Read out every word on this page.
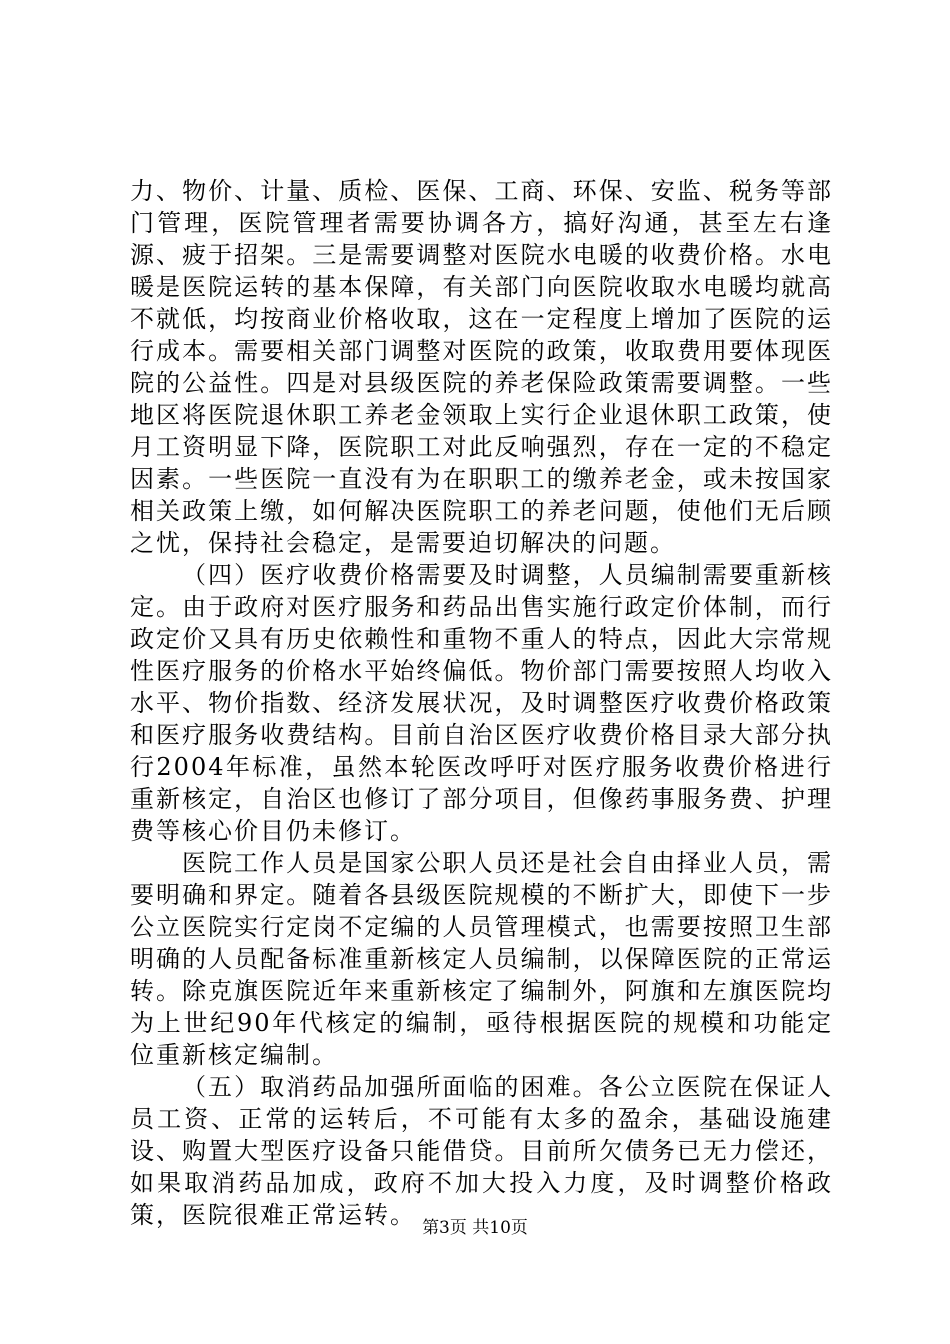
力、物价、计量、质检、医保、工商、环保、安监、税务等部门管理，医院管理者需要协调各方，搞好沟通，甚至左右逢源、疲于招架。三是需要调整对医院水电暖的收费价格。水电暖是医院运转的基本保障，有关部门向医院收取水电暖均就高不就低，均按商业价格收取，这在一定程度上增加了医院的运行成本。需要相关部门调整对医院的政策，收取费用要体现医院的公益性。四是对县级医院的养老保险政策需要调整。一些地区将医院退休职工养老金领取上实行企业退休职工政策，使月工资明显下降，医院职工对此反响强烈，存在一定的不稳定因素。一些医院一直没有为在职职工的缴养老金，或未按国家相关政策上缴，如何解决医院职工的养老问题，使他们无后顾之忧，保持社会稳定，是需要迫切解决的问题。

（四）医疗收费价格需要及时调整，人员编制需要重新核定。由于政府对医疗服务和药品出售实施行政定价体制，而行政定价又具有历史依赖性和重物不重人的特点，因此大宗常规性医疗服务的价格水平始终偏低。物价部门需要按照人均收入水平、物价指数、经济发展状况，及时调整医疗收费价格政策和医疗服务收费结构。目前自治区医疗收费价格目录大部分执行2004年标准，虽然本轮医改呼吁对医疗服务收费价格进行重新核定，自治区也修订了部分项目，但像药事服务费、护理费等核心价目仍未修订。

医院工作人员是国家公职人员还是社会自由择业人员，需要明确和界定。随着各县级医院规模的不断扩大，即使下一步公立医院实行定岗不定编的人员管理模式，也需要按照卫生部明确的人员配备标准重新核定人员编制，以保障医院的正常运转。除克旗医院近年来重新核定了编制外，阿旗和左旗医院均为上世纪90年代核定的编制，亟待根据医院的规模和功能定位重新核定编制。

（五）取消药品加强所面临的困难。各公立医院在保证人员工资、正常的运转后，不可能有太多的盈余，基础设施建设、购置大型医疗设备只能借贷。目前所欠债务已无力偿还，如果取消药品加成，政府不加大投入力度，及时调整价格政策，医院很难正常运转。 第3页 共10页
